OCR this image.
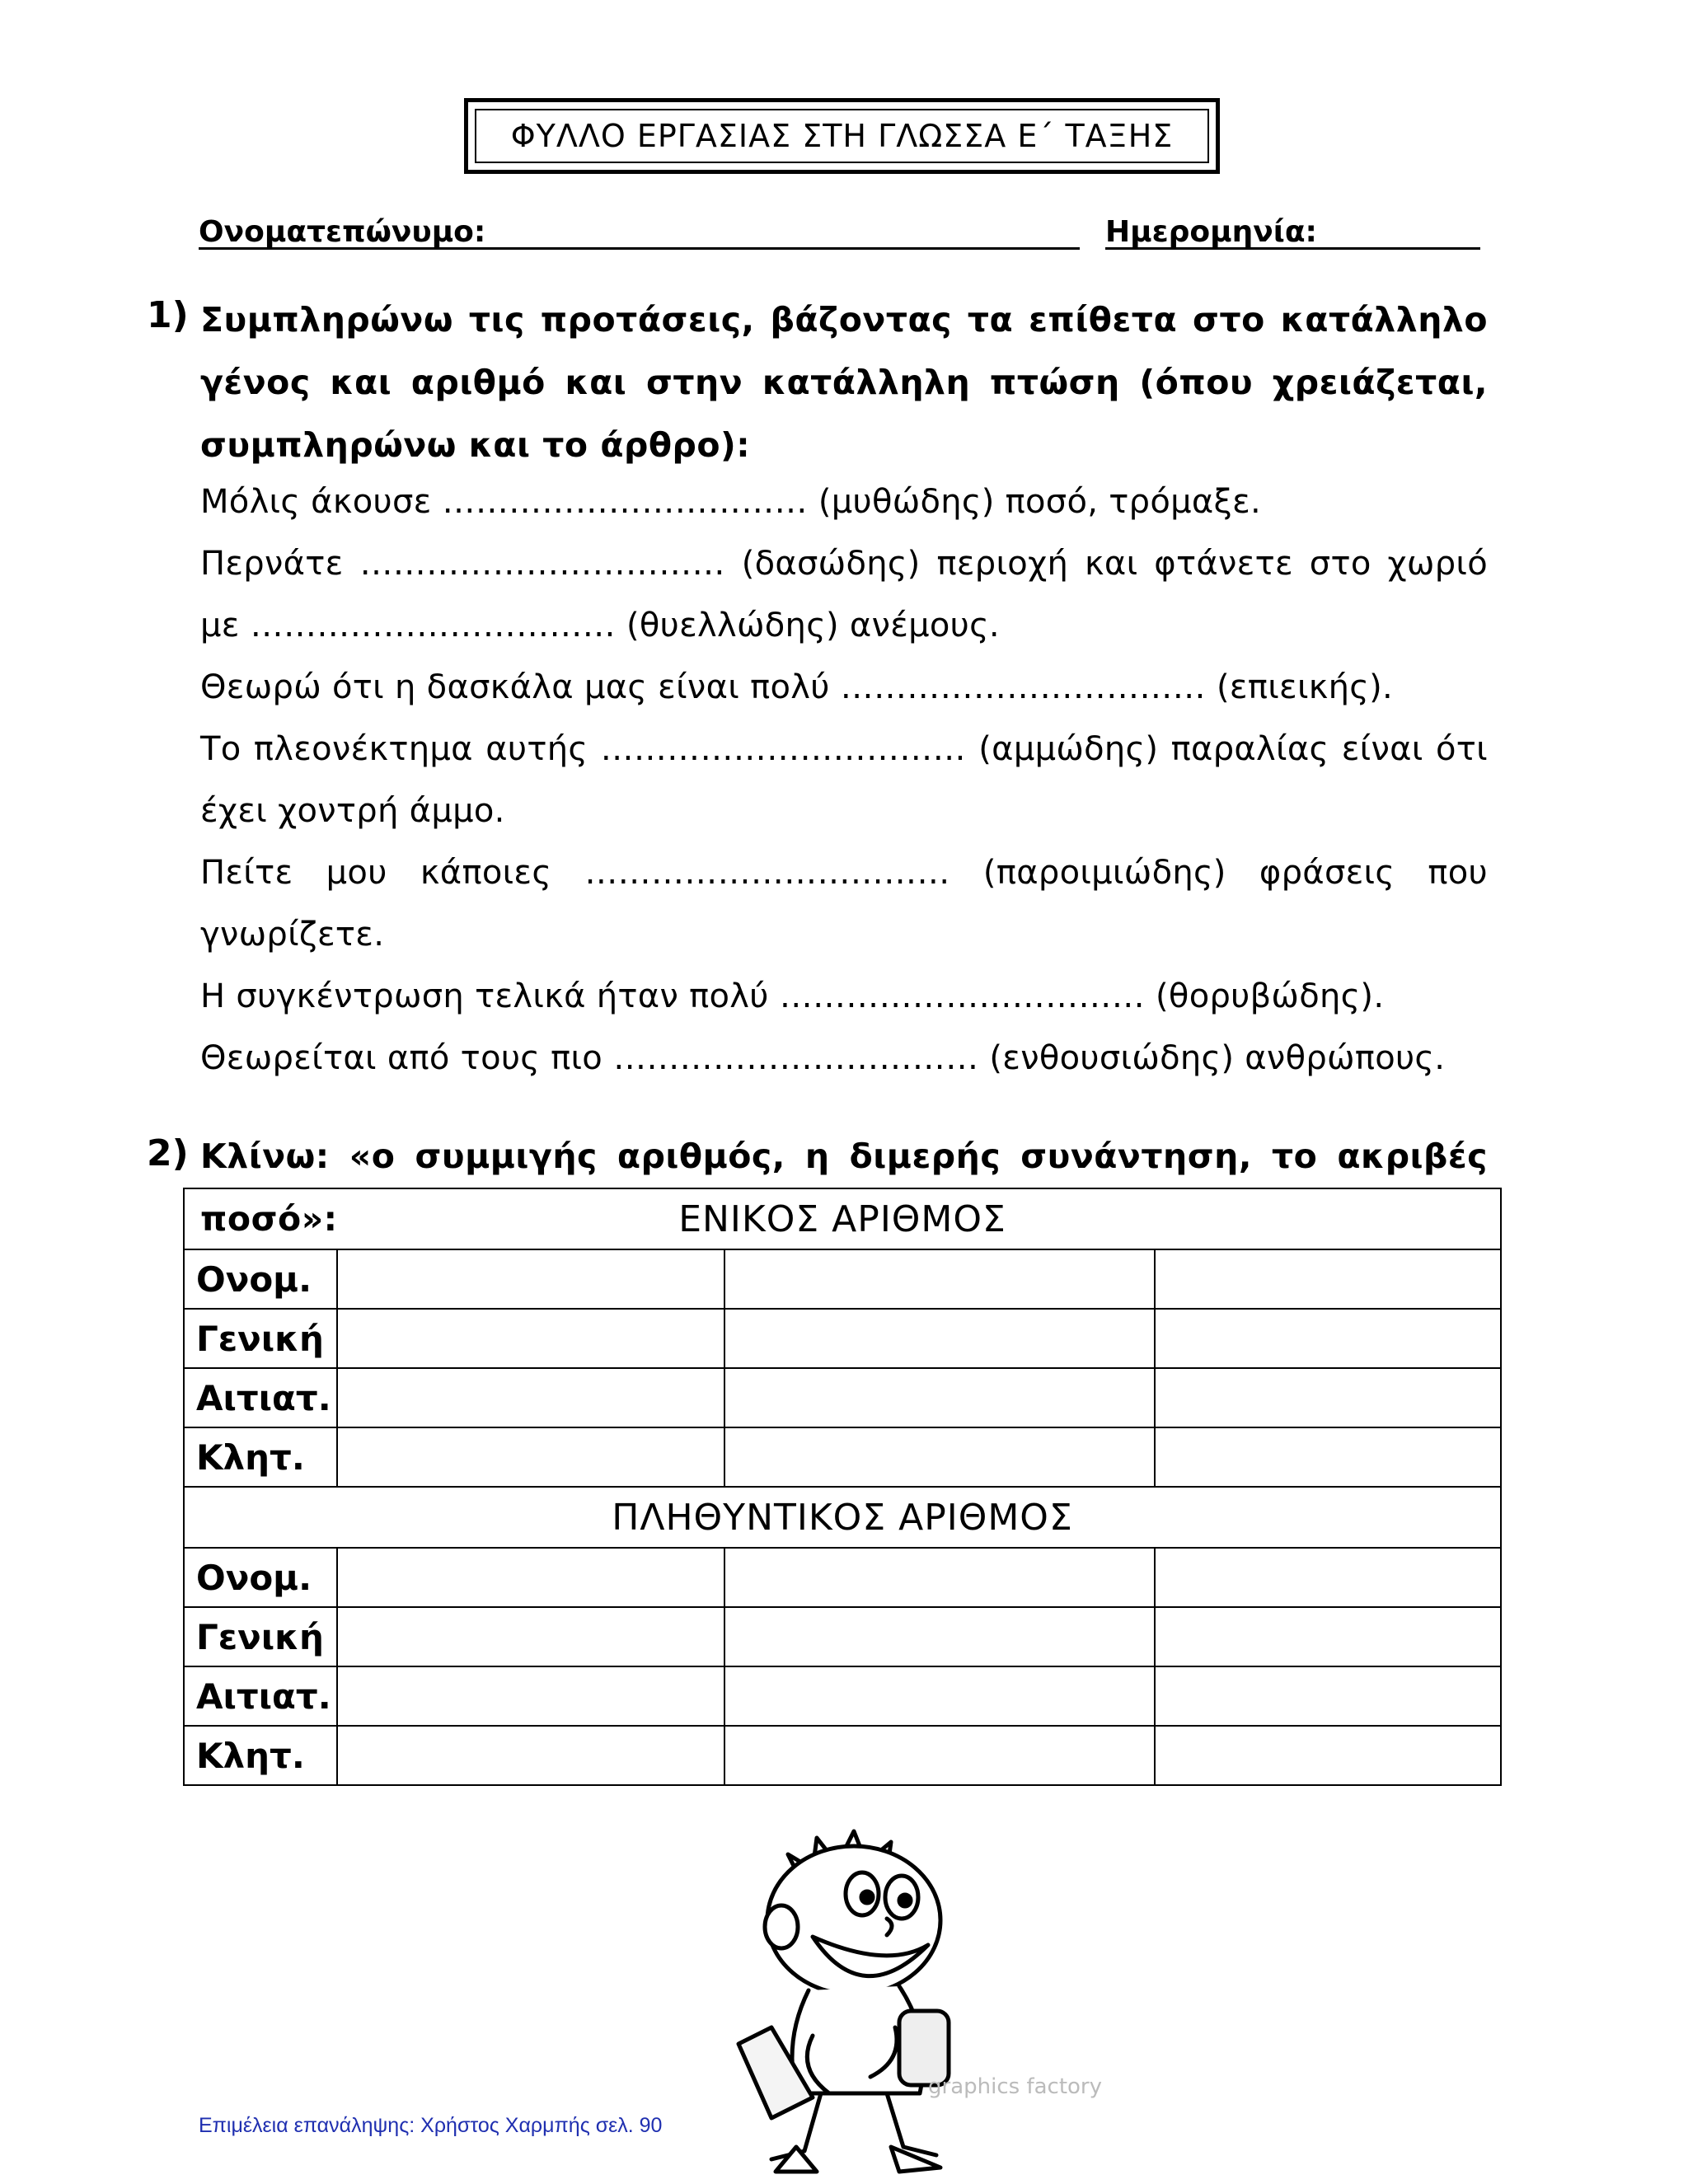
ΦΥΛΛΟ ΕΡΓΑΣΙΑΣ ΣΤΗ ΓΛΩΣΣΑ Ε΄ ΤΑΞΗΣ
Ονοματεπώνυμο:	Ημερομηνία:
1) Συμπληρώνω τις προτάσεις, βάζοντας τα επίθετα στο κατάλληλο γένος και αριθμό και στην κατάλληλη πτώση (όπου χρειάζεται, συμπληρώνω και το άρθρο):
Μόλις άκουσε …………………………… (μυθώδης) ποσό, τρόμαξε.
Περνάτε …………………………… (δασώδης) περιοχή και φτάνετε στο χωριό με …………………………… (θυελλώδης) ανέμους.
Θεωρώ ότι η δασκάλα μας είναι πολύ …………………………… (επιεικής).
Το πλεονέκτημα αυτής …………………………… (αμμώδης) παραλίας είναι ότι έχει χοντρή άμμο.
Πείτε μου κάποιες …………………………… (παροιμιώδης) φράσεις που γνωρίζετε.
Η συγκέντρωση τελικά ήταν πολύ …………………………… (θορυβώδης).
Θεωρείται από τους πιο …………………………… (ενθουσιώδης) ανθρώπους.
2) Κλίνω: «ο συμμιγής αριθμός, η διμερής συνάντηση, το ακριβές ποσό»:	ΕΝΙΚΟΣ ΑΡΙΘΜΟΣ			
Ονομ.			
Γενική			
Αιτιατ.			
Κλητ.			
ΠΛΗΘΥΝΤΙΚΟΣ ΑΡΙΘΜΟΣ			
Ονομ.			
Γενική			
Αιτιατ.			
Κλητ.			
graphics factory
Επιμέλεια επανάληψης: Χρήστος Χαρμπής σελ. 90
